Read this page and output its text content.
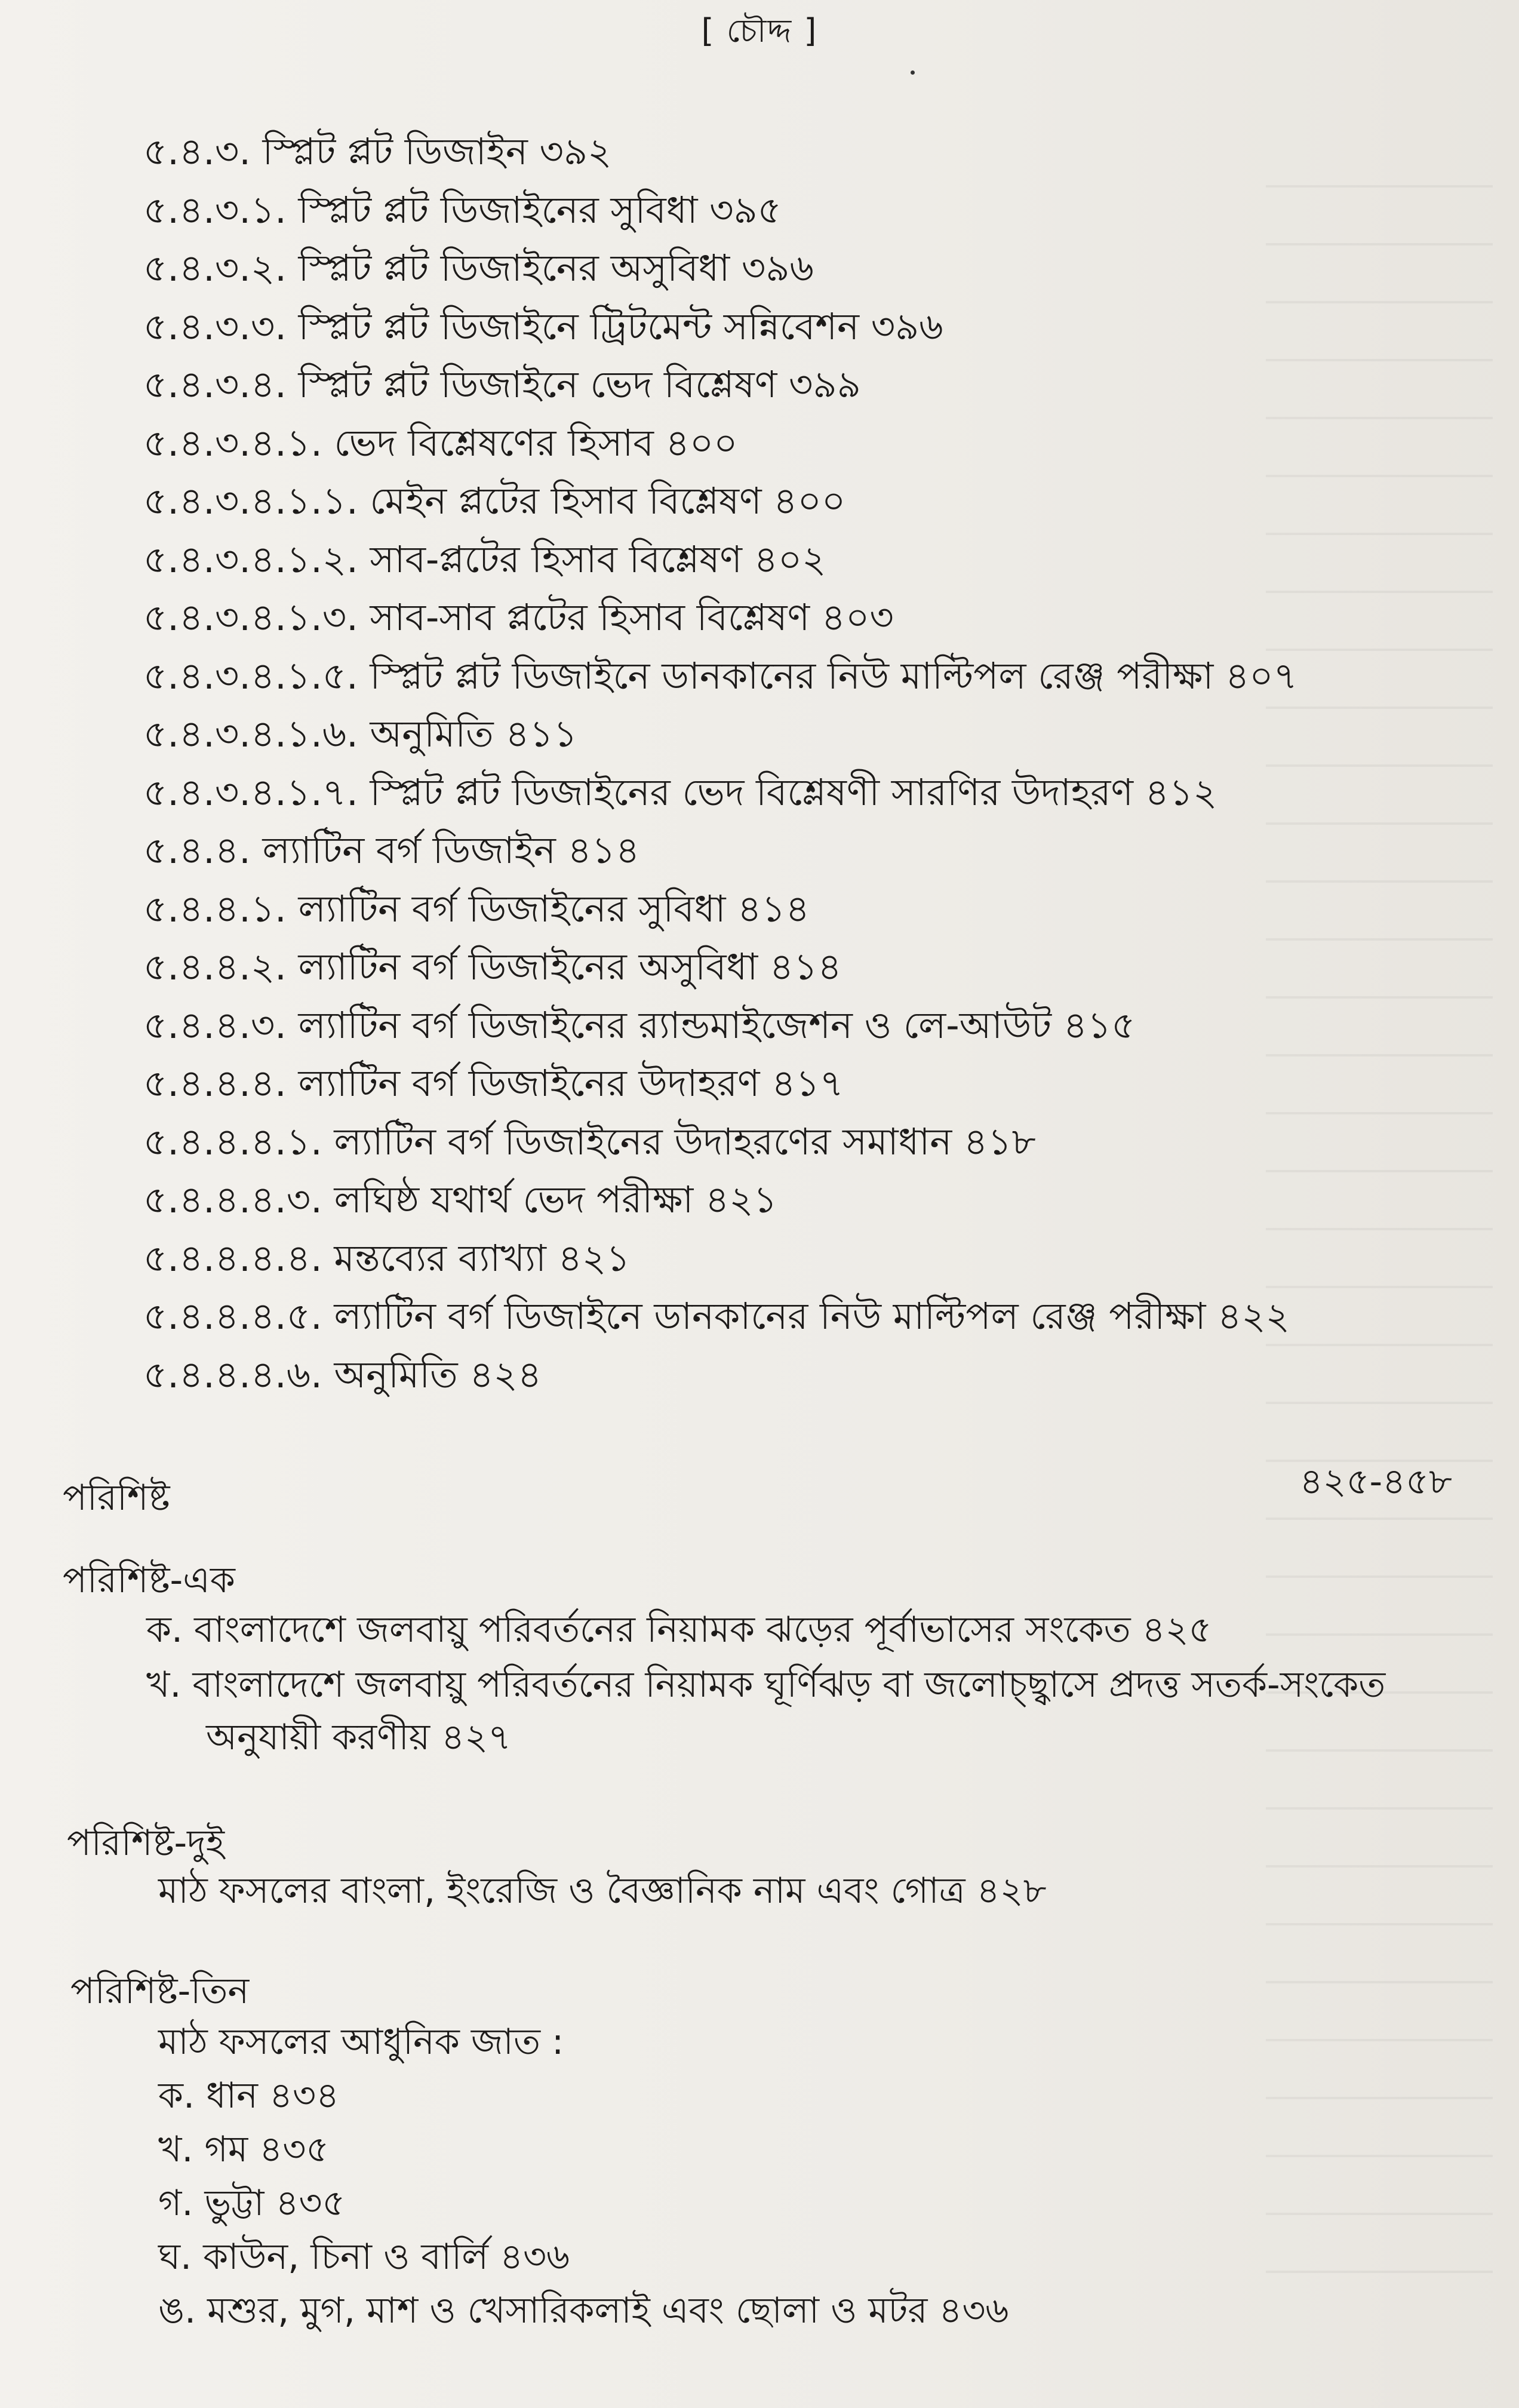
[ চৌদ্দ ]
৫.৪.৩. স্প্লিট প্লট ডিজাইন ৩৯২
৫.৪.৩.১. স্প্লিট প্লট ডিজাইনের সুবিধা ৩৯৫
৫.৪.৩.২. স্প্লিট প্লট ডিজাইনের অসুবিধা ৩৯৬
৫.৪.৩.৩. স্প্লিট প্লট ডিজাইনে ট্রিটমেন্ট সন্নিবেশন ৩৯৬
৫.৪.৩.৪. স্প্লিট প্লট ডিজাইনে ভেদ বিশ্লেষণ ৩৯৯
৫.৪.৩.৪.১. ভেদ বিশ্লেষণের হিসাব ৪০০
৫.৪.৩.৪.১.১. মেইন প্লটের হিসাব বিশ্লেষণ ৪০০
৫.৪.৩.৪.১.২. সাব-প্লটের হিসাব বিশ্লেষণ ৪০২
৫.৪.৩.৪.১.৩. সাব-সাব প্লটের হিসাব বিশ্লেষণ ৪০৩
৫.৪.৩.৪.১.৫. স্প্লিট প্লট ডিজাইনে ডানকানের নিউ মাল্টিপল রেঞ্জ পরীক্ষা ৪০৭
৫.৪.৩.৪.১.৬. অনুমিতি ৪১১
৫.৪.৩.৪.১.৭. স্প্লিট প্লট ডিজাইনের ভেদ বিশ্লেষণী সারণির উদাহরণ ৪১২
৫.৪.৪. ল্যাটিন বর্গ ডিজাইন ৪১৪
৫.৪.৪.১. ল্যাটিন বর্গ ডিজাইনের সুবিধা ৪১৪
৫.৪.৪.২. ল্যাটিন বর্গ ডিজাইনের অসুবিধা ৪১৪
৫.৪.৪.৩. ল্যাটিন বর্গ ডিজাইনের র‍্যান্ডমাইজেশন ও লে-আউট ৪১৫
৫.৪.৪.৪. ল্যাটিন বর্গ ডিজাইনের উদাহরণ ৪১৭
৫.৪.৪.৪.১. ল্যাটিন বর্গ ডিজাইনের উদাহরণের সমাধান ৪১৮
৫.৪.৪.৪.৩. লঘিষ্ঠ যথার্থ ভেদ পরীক্ষা ৪২১
৫.৪.৪.৪.৪. মন্তব্যের ব্যাখ্যা ৪২১
৫.৪.৪.৪.৫. ল্যাটিন বর্গ ডিজাইনে ডানকানের নিউ মাল্টিপল রেঞ্জ পরীক্ষা ৪২২
৫.৪.৪.৪.৬. অনুমিতি ৪২৪
পরিশিষ্ট	৪২৫-৪৫৮
পরিশিষ্ট-এক
ক. বাংলাদেশে জলবায়ু পরিবর্তনের নিয়ামক ঝড়ের পূর্বাভাসের সংকেত ৪২৫
খ. বাংলাদেশে জলবায়ু পরিবর্তনের নিয়ামক ঘূর্ণিঝড় বা জলোচ্ছ্বাসে প্রদত্ত সতর্ক-সংকেত
অনুযায়ী করণীয় ৪২৭
পরিশিষ্ট-দুই
মাঠ ফসলের বাংলা, ইংরেজি ও বৈজ্ঞানিক নাম এবং গোত্র ৪২৮
পরিশিষ্ট-তিন
মাঠ ফসলের আধুনিক জাত :
ক. ধান ৪৩৪
খ. গম ৪৩৫
গ. ভুট্টা ৪৩৫
ঘ. কাউন, চিনা ও বার্লি ৪৩৬
ঙ. মশুর, মুগ, মাশ ও খেসারিকলাই এবং ছোলা ও মটর ৪৩৬
